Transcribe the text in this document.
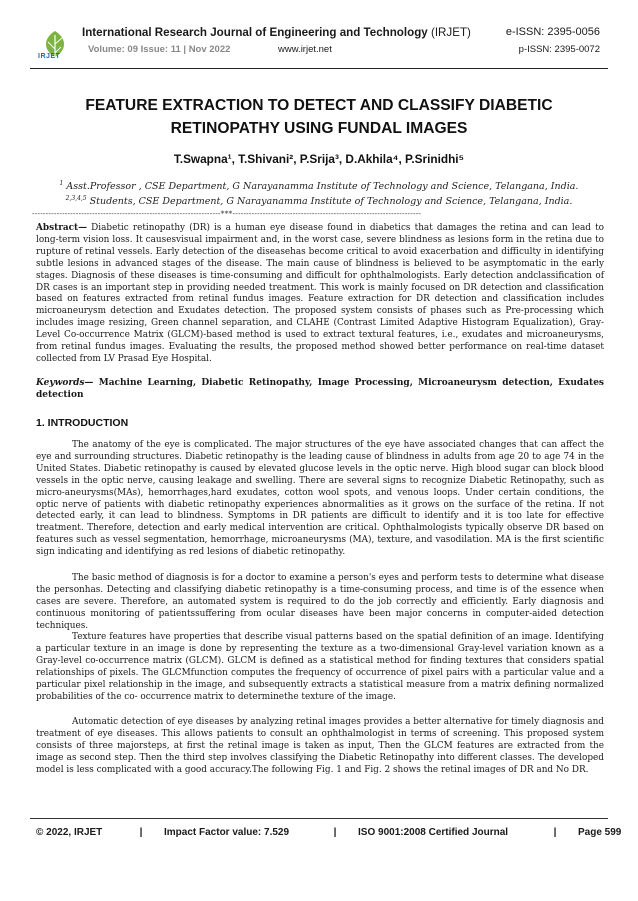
IRJET
International Research Journal of Engineering and Technology (IRJET)
Volume: 09 Issue: 11 | Nov 2022	www.irjet.net
e-ISSN: 2395-0056
p-ISSN: 2395-0072
FEATURE EXTRACTION TO DETECT AND CLASSIFY DIABETIC RETINOPATHY USING FUNDAL IMAGES
T.Swapna¹, T.Shivani², P.Srija³, D.Akhila⁴, P.Srinidhi⁵
$^1$ Asst.Professor , CSE Department, G Narayanamma Institute of Technology and Science, Telangana, India.
$^{2,3,4,5}$ Students, CSE Department, G Narayanamma Institute of Technology and Science, Telangana, India.
---------------------------------------------------------------------***---------------------------------------------------------------------
Abstract— Diabetic retinopathy (DR) is a human eye disease found in diabetics that damages the retina and can lead to long-term vision loss. It causesvisual impairment and, in the worst case, severe blindness as lesions form in the retina due to rupture of retinal vessels. Early detection of the diseasehas become critical to avoid exacerbation and difficulty in identifying subtle lesions in advanced stages of the disease. The main cause of blindness is believed to be asymptomatic in the early stages. Diagnosis of these diseases is time-consuming and difficult for ophthalmologists. Early detection andclassification of DR cases is an important step in providing needed treatment. This work is mainly focused on DR detection and classification based on features extracted from retinal fundus images. Feature extraction for DR detection and classification includes microaneurysm detection and Exudates detection. The proposed system consists of phases such as Pre-processing which includes image resizing, Green channel separation, and CLAHE (Contrast Limited Adaptive Histogram Equalization), Gray-Level Co-occurrence Matrix (GLCM)-based method is used to extract textural features, i.e., exudates and microaneurysms, from retinal fundus images. Evaluating the results, the proposed method showed better performance on real-time dataset collected from LV Prasad Eye Hospital.
Keywords— Machine Learning, Diabetic Retinopathy, Image Processing, Microaneurysm detection, Exudates detection
1. INTRODUCTION

The anatomy of the eye is complicated. The major structures of the eye have associated changes that can affect the eye and surrounding structures. Diabetic retinopathy is the leading cause of blindness in adults from age 20 to age 74 in the United States. Diabetic retinopathy is caused by elevated glucose levels in the optic nerve. High blood sugar can block blood vessels in the optic nerve, causing leakage and swelling. There are several signs to recognize Diabetic Retinopathy, such as micro-aneurysms(MAs), hemorrhages,hard exudates, cotton wool spots, and venous loops. Under certain conditions, the optic nerve of patients with diabetic retinopathy experiences abnormalities as it grows on the surface of the retina. If not detected early, it can lead to blindness. Symptoms in DR patients are difficult to identify and it is too late for effective treatment. Therefore, detection and early medical intervention are critical. Ophthalmologists typically observe DR based on features such as vessel segmentation, hemorrhage, microaneurysms (MA), texture, and vasodilation. MA is the first scientific sign indicating and identifying as red lesions of diabetic retinopathy.

The basic method of diagnosis is for a doctor to examine a person's eyes and perform tests to determine what disease the personhas. Detecting and classifying diabetic retinopathy is a time-consuming process, and time is of the essence when cases are severe. Therefore, an automated system is required to do the job correctly and efficiently. Early diagnosis and continuous monitoring of patientssuffering from ocular diseases have been major concerns in computer-aided detection techniques.

Texture features have properties that describe visual patterns based on the spatial definition of an image. Identifying a particular texture in an image is done by representing the texture as a two-dimensional Gray-level variation known as a Gray-level co-occurrence matrix (GLCM). GLCM is defined as a statistical method for finding textures that considers spatial relationships of pixels. The GLCMfunction computes the frequency of occurrence of pixel pairs with a particular value and a particular pixel relationship in the image, and subsequently extracts a statistical measure from a matrix defining normalized probabilities of the co- occurrence matrix to determinethe texture of the image.

Automatic detection of eye diseases by analyzing retinal images provides a better alternative for timely diagnosis and treatment of eye diseases. This allows patients to consult an ophthalmologist in terms of screening. This proposed system consists of three majorsteps, at first the retinal image is taken as input, Then the GLCM features are extracted from the image as second step. Then the third step involves classifying the Diabetic Retinopathy into different classes. The developed model is less complicated with a good accuracy.The following Fig. 1 and Fig. 2 shows the retinal images of DR and No DR.

© 2022, IRJET	| Impact Factor value: 7.529	| ISO 9001:2008 Certified Journal	| Page 599
